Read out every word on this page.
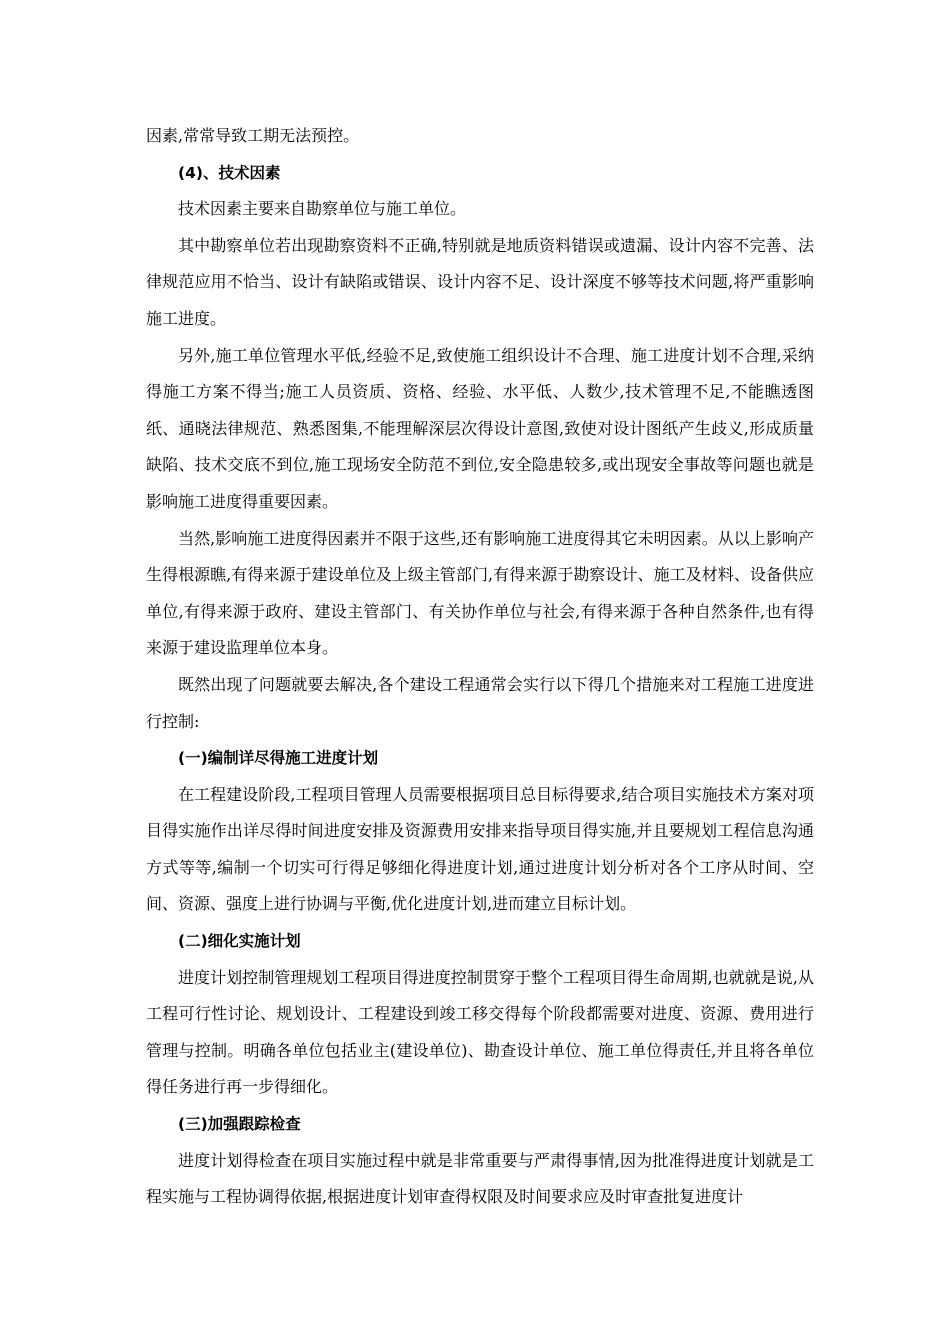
因素,常常导致工期无法预控。

(4)、技术因素

技术因素主要来自勘察单位与施工单位。

其中勘察单位若出现勘察资料不正确,特别就是地质资料错误或遗漏、设计内容不完善、法律规范应用不恰当、设计有缺陷或错误、设计内容不足、设计深度不够等技术问题,将严重影响施工进度。

另外,施工单位管理水平低,经验不足,致使施工组织设计不合理、施工进度计划不合理,采纳得施工方案不得当;施工人员资质、资格、经验、水平低、人数少,技术管理不足,不能瞧透图纸、通晓法律规范、熟悉图集,不能理解深层次得设计意图,致使对设计图纸产生歧义,形成质量缺陷、技术交底不到位,施工现场安全防范不到位,安全隐患较多,或出现安全事故等问题也就是影响施工进度得重要因素。

当然,影响施工进度得因素并不限于这些,还有影响施工进度得其它未明因素。从以上影响产生得根源瞧,有得来源于建设单位及上级主管部门,有得来源于勘察设计、施工及材料、设备供应单位,有得来源于政府、建设主管部门、有关协作单位与社会,有得来源于各种自然条件,也有得来源于建设监理单位本身。

既然出现了问题就要去解决,各个建设工程通常会实行以下得几个措施来对工程施工进度进行控制:

(一)编制详尽得施工进度计划

在工程建设阶段,工程项目管理人员需要根据项目总目标得要求,结合项目实施技术方案对项目得实施作出详尽得时间进度安排及资源费用安排来指导项目得实施,并且要规划工程信息沟通方式等等,编制一个切实可行得足够细化得进度计划,通过进度计划分析对各个工序从时间、空间、资源、强度上进行协调与平衡,优化进度计划,进而建立目标计划。

(二)细化实施计划

进度计划控制管理规划工程项目得进度控制贯穿于整个工程项目得生命周期,也就就是说,从工程可行性讨论、规划设计、工程建设到竣工移交得每个阶段都需要对进度、资源、费用进行管理与控制。明确各单位包括业主(建设单位)、勘查设计单位、施工单位得责任,并且将各单位得任务进行再一步得细化。

(三)加强跟踪检查

进度计划得检查在项目实施过程中就是非常重要与严肃得事情,因为批准得进度计划就是工程实施与工程协调得依据,根据进度计划审查得权限及时间要求应及时审查批复进度计
